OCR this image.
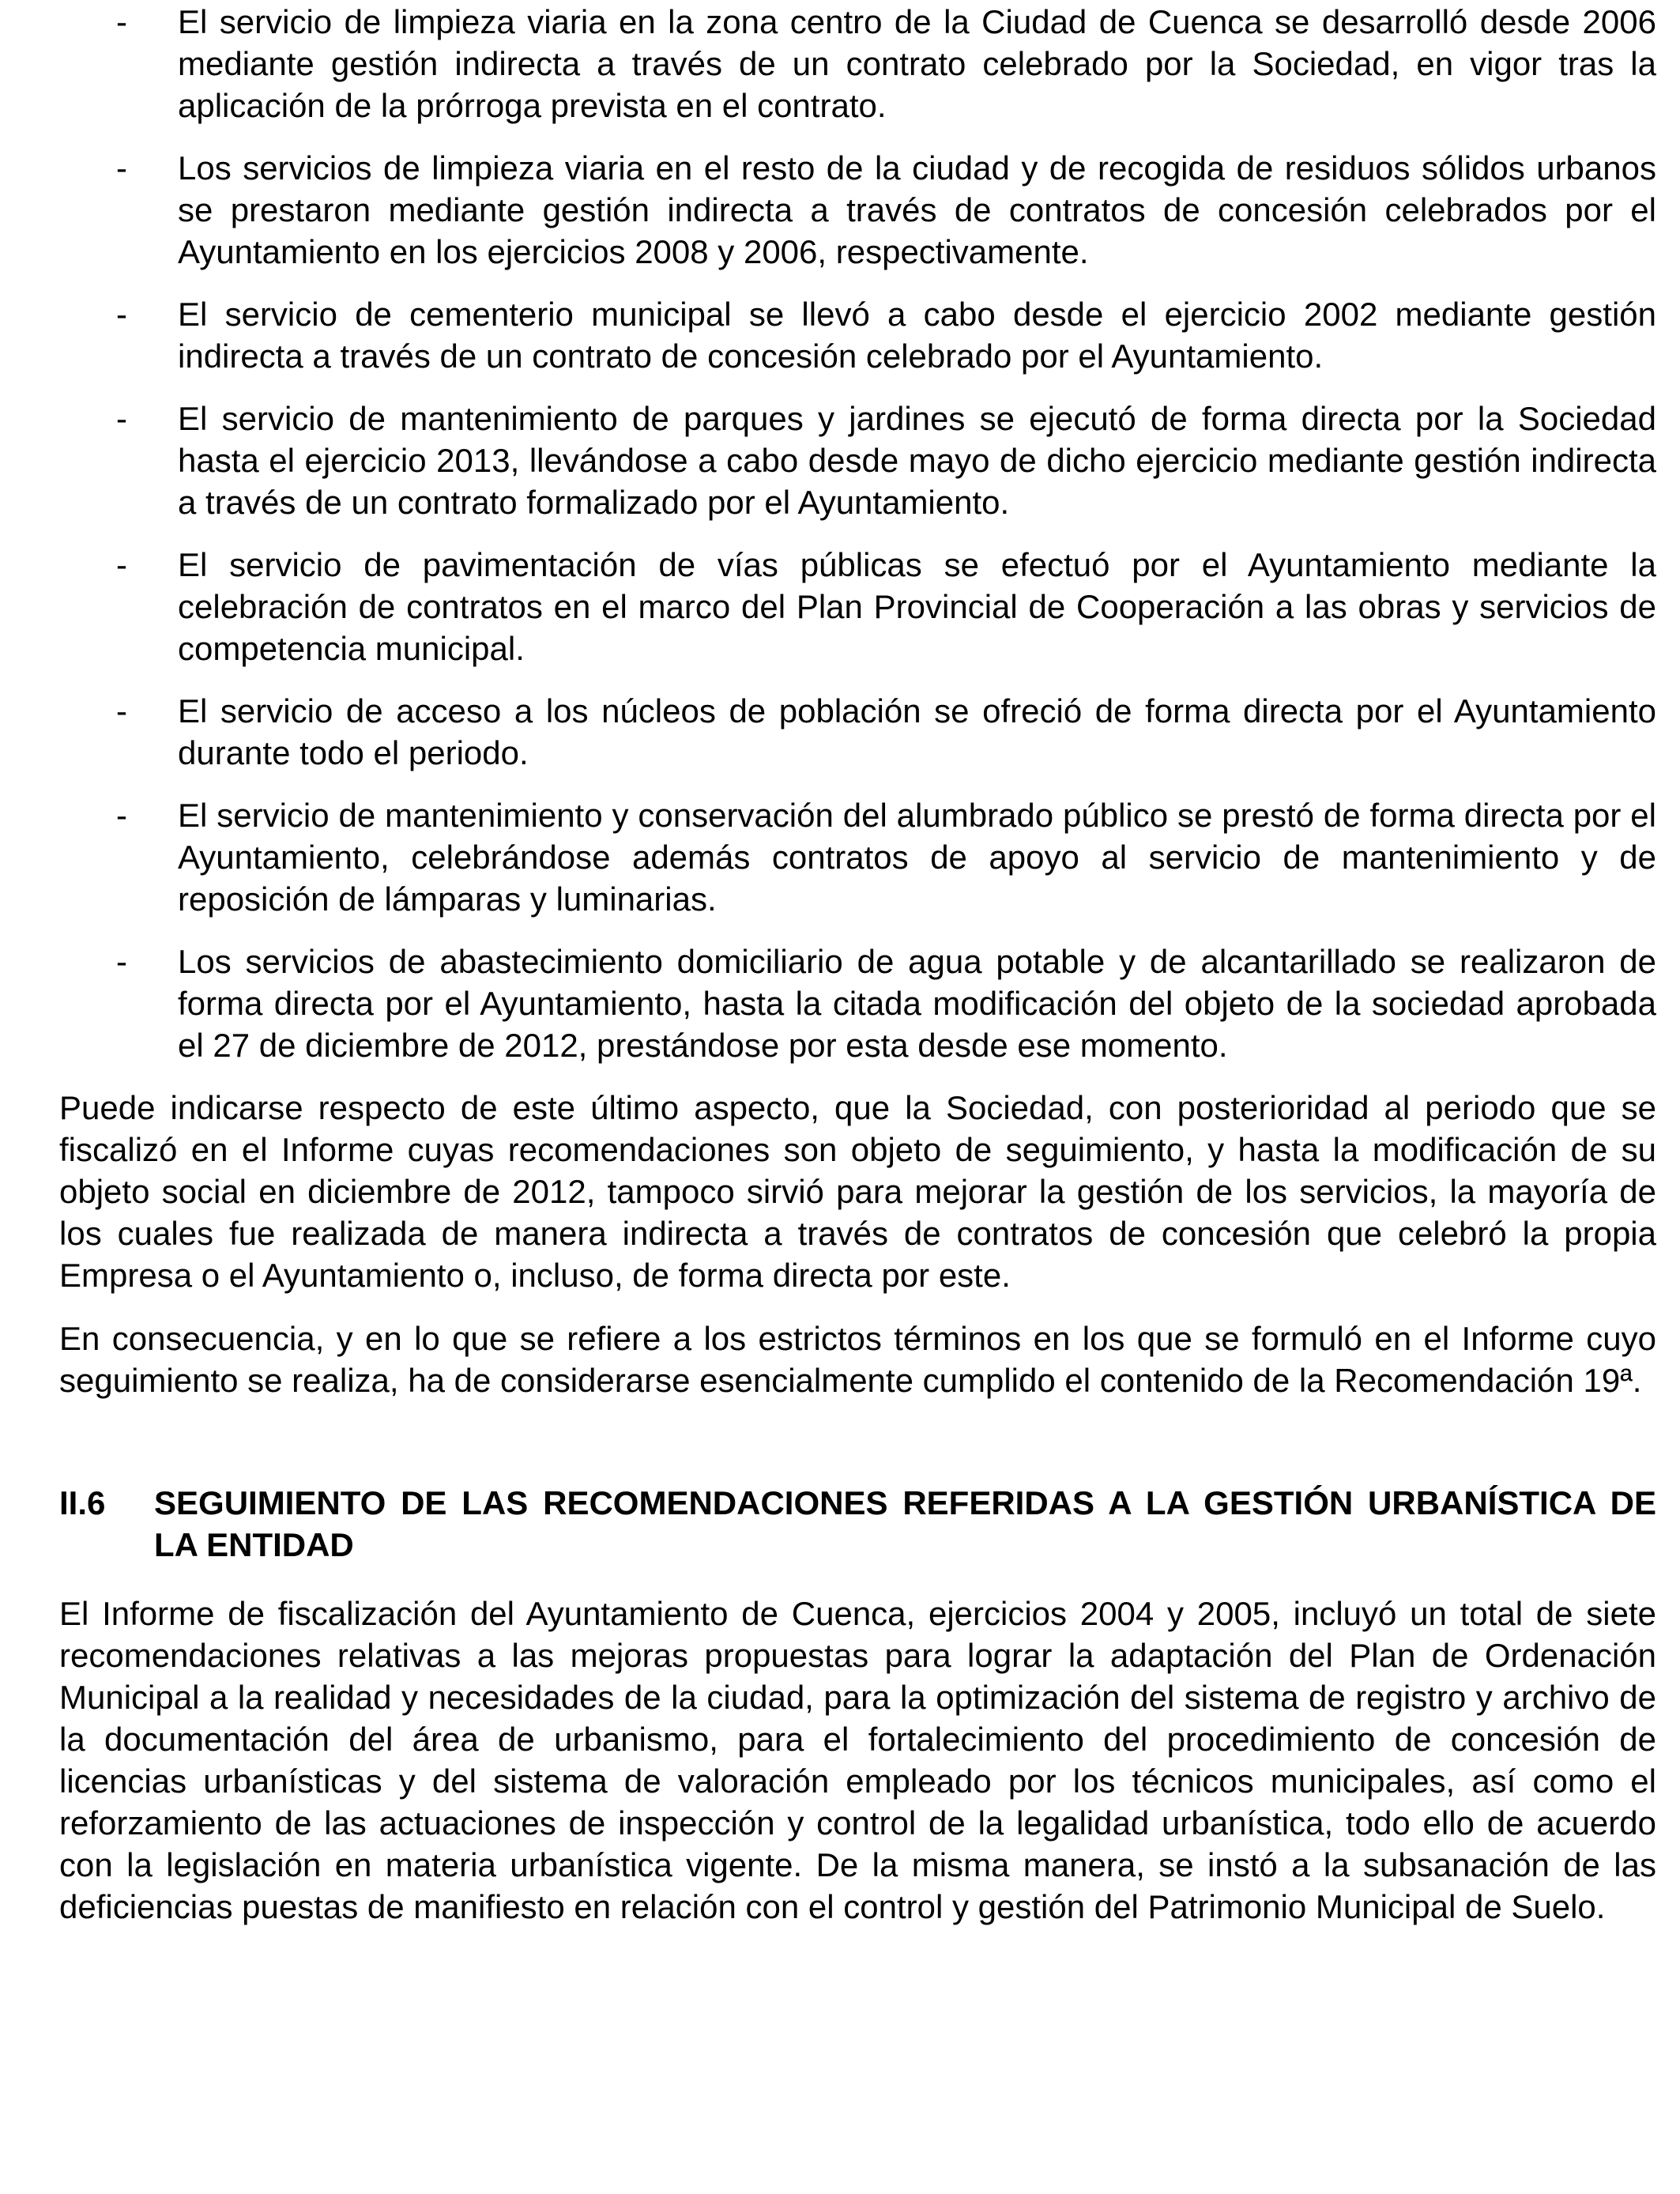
- El servicio de limpieza viaria en la zona centro de la Ciudad de Cuenca se desarrolló desde 2006 mediante gestión indirecta a través de un contrato celebrado por la Sociedad, en vigor tras la aplicación de la prórroga prevista en el contrato.
- Los servicios de limpieza viaria en el resto de la ciudad y de recogida de residuos sólidos urbanos se prestaron mediante gestión indirecta a través de contratos de concesión celebrados por el Ayuntamiento en los ejercicios 2008 y 2006, respectivamente.
- El servicio de cementerio municipal se llevó a cabo desde el ejercicio 2002 mediante gestión indirecta a través de un contrato de concesión celebrado por el Ayuntamiento.
- El servicio de mantenimiento de parques y jardines se ejecutó de forma directa por la Sociedad hasta el ejercicio 2013, llevándose a cabo desde mayo de dicho ejercicio mediante gestión indirecta a través de un contrato formalizado por el Ayuntamiento.
- El servicio de pavimentación de vías públicas se efectuó por el Ayuntamiento mediante la celebración de contratos en el marco del Plan Provincial de Cooperación a las obras y servicios de competencia municipal.
- El servicio de acceso a los núcleos de población se ofreció de forma directa por el Ayuntamiento durante todo el periodo.
- El servicio de mantenimiento y conservación del alumbrado público se prestó de forma directa por el Ayuntamiento, celebrándose además contratos de apoyo al servicio de mantenimiento y de reposición de lámparas y luminarias.
- Los servicios de abastecimiento domiciliario de agua potable y de alcantarillado se realizaron de forma directa por el Ayuntamiento, hasta la citada modificación del objeto de la sociedad aprobada el 27 de diciembre de 2012, prestándose por esta desde ese momento.

Puede indicarse respecto de este último aspecto, que la Sociedad, con posterioridad al periodo que se fiscalizó en el Informe cuyas recomendaciones son objeto de seguimiento, y hasta la modificación de su objeto social en diciembre de 2012, tampoco sirvió para mejorar la gestión de los servicios, la mayoría de los cuales fue realizada de manera indirecta a través de contratos de concesión que celebró la propia Empresa o el Ayuntamiento o, incluso, de forma directa por este.

En consecuencia, y en lo que se refiere a los estrictos términos en los que se formuló en el Informe cuyo seguimiento se realiza, ha de considerarse esencialmente cumplido el contenido de la Recomendación 19ª.

II.6 SEGUIMIENTO DE LAS RECOMENDACIONES REFERIDAS A LA GESTIÓN URBANÍSTICA DE LA ENTIDAD

El Informe de fiscalización del Ayuntamiento de Cuenca, ejercicios 2004 y 2005, incluyó un total de siete recomendaciones relativas a las mejoras propuestas para lograr la adaptación del Plan de Ordenación Municipal a la realidad y necesidades de la ciudad, para la optimización del sistema de registro y archivo de la documentación del área de urbanismo, para el fortalecimiento del procedimiento de concesión de licencias urbanísticas y del sistema de valoración empleado por los técnicos municipales, así como el reforzamiento de las actuaciones de inspección y control de la legalidad urbanística, todo ello de acuerdo con la legislación en materia urbanística vigente. De la misma manera, se instó a la subsanación de las deficiencias puestas de manifiesto en relación con el control y gestión del Patrimonio Municipal de Suelo.
